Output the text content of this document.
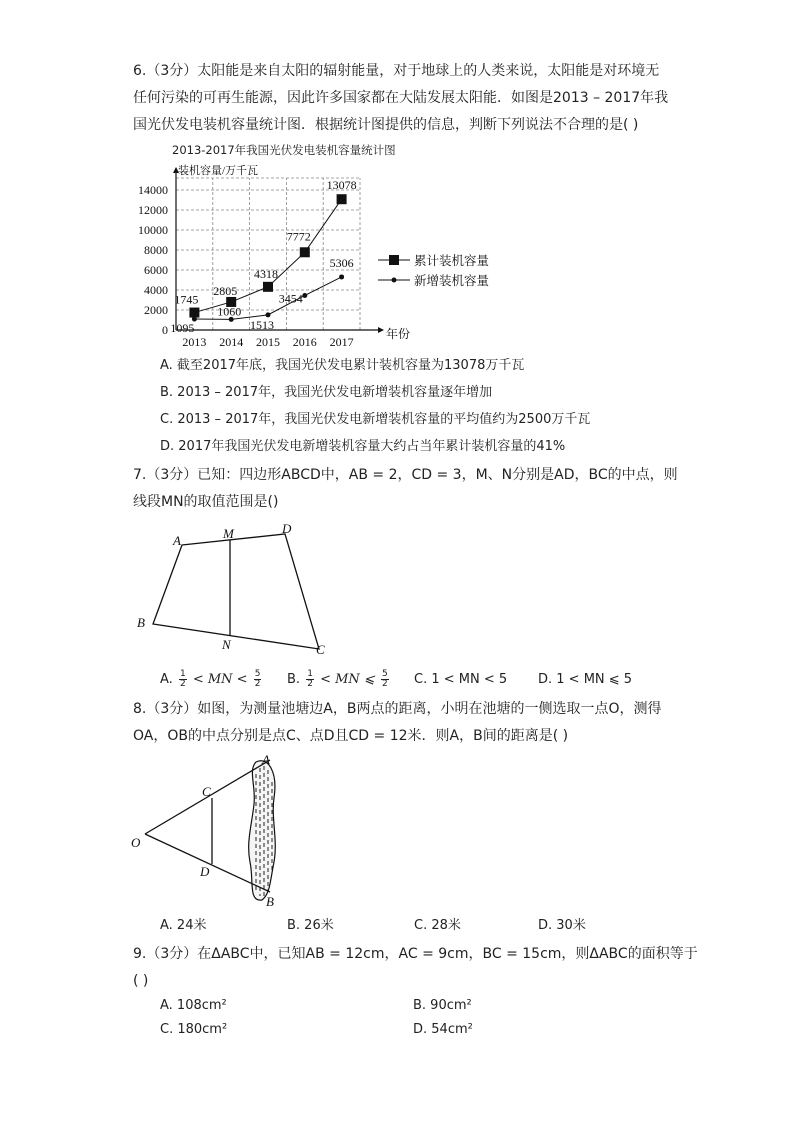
6.（3分）太阳能是来自太阳的辐射能量，对于地球上的人类来说，太阳能是对环境无
任何污染的可再生能源，因此许多国家都在大陆发展太阳能．如图是2013 – 2017年我
国光伏发电装机容量统计图．根据统计图提供的信息，判断下列说法不合理的是( )
2013-2017年我国光伏发电装机容量统计图
0
2000
4000
6000
8000
10000
12000
14000
装机容量/万千瓦
年份
2013 2014 2015 2016 2017
1745
2805
4318
7772
13078
1095
1060
1513
3454
5306	累计装机容量
新增装机容量
A. 截至2017年底，我国光伏发电累计装机容量为13078万千瓦
B. 2013 – 2017年，我国光伏发电新增装机容量逐年增加
C. 2013 – 2017年，我国光伏发电新增装机容量的平均值约为2500万千瓦
D. 2017年我国光伏发电新增装机容量大约占当年累计装机容量的41%
7.（3分）已知：四边形ABCD中，AB = 2，CD = 3，M、N分别是AD，BC的中点，则
线段MN的取值范围是()
A	M	D
B
N	C
A. $\frac{1}{2}$ < MN < $\frac{5}{2} B$. $\frac{1}{2}$ < MN ⩽ $\frac{5}{2} C$. 1 < MN < 5 D. 1 < MN ⩽ 5
8.（3分）如图，为测量池塘边A，B两点的距离，小明在池塘的一侧选取一点O，测得
OA，OB的中点分别是点C、点D且CD = 12米．则A，B间的距离是( )
A
C
O
D
B
A. 24米	B. 26米	C. 28米	D. 30米
9.（3分）在ΔABC中，已知AB = 12cm，AC = 9cm，BC = 15cm，则ΔABC的面积等于
( )
A. 108cm²	B. 90cm²
C. 180cm²	D. 54cm²
